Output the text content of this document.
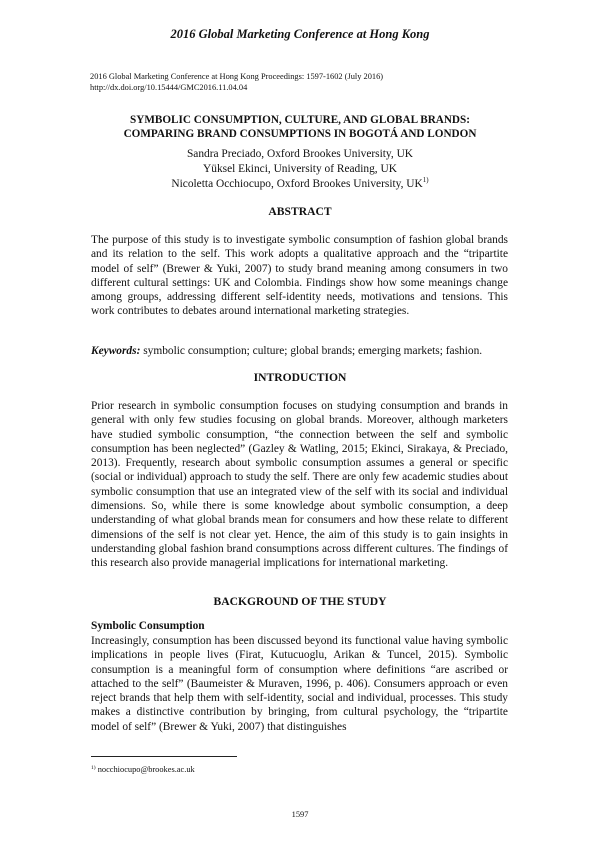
2016 Global Marketing Conference at Hong Kong
2016 Global Marketing Conference at Hong Kong Proceedings: 1597-1602 (July 2016)
http://dx.doi.org/10.15444/GMC2016.11.04.04
SYMBOLIC CONSUMPTION, CULTURE, AND GLOBAL BRANDS:
COMPARING BRAND CONSUMPTIONS IN BOGOTÁ AND LONDON
Sandra Preciado, Oxford Brookes University, UK
Yüksel Ekinci, University of Reading, UK
Nicoletta Occhiocupo, Oxford Brookes University, UK$^{1)}$
ABSTRACT

The purpose of this study is to investigate symbolic consumption of fashion global brands and its relation to the self. This work adopts a qualitative approach and the “tripartite model of self” (Brewer & Yuki, 2007) to study brand meaning among consumers in two different cultural settings: UK and Colombia. Findings show how some meanings change among groups, addressing different self-identity needs, motivations and tensions. This work contributes to debates around international marketing strategies.

Keywords: symbolic consumption; culture; global brands; emerging markets; fashion.

INTRODUCTION

Prior research in symbolic consumption focuses on studying consumption and brands in general with only few studies focusing on global brands. Moreover, although marketers have studied symbolic consumption, “the connection between the self and symbolic consumption has been neglected” (Gazley & Watling, 2015; Ekinci, Sirakaya, & Preciado, 2013). Frequently, research about symbolic consumption assumes a general or specific (social or individual) approach to study the self. There are only few academic studies about symbolic consumption that use an integrated view of the self with its social and individual dimensions. So, while there is some knowledge about symbolic consumption, a deep understanding of what global brands mean for consumers and how these relate to different dimensions of the self is not clear yet. Hence, the aim of this study is to gain insights in understanding global fashion brand consumptions across different cultures. The findings of this research also provide managerial implications for international marketing.

BACKGROUND OF THE STUDY
Symbolic Consumption

Increasingly, consumption has been discussed beyond its functional value having symbolic implications in people lives (Firat, Kutucuoglu, Arikan & Tuncel, 2015). Symbolic consumption is a meaningful form of consumption where definitions “are ascribed or attached to the self” (Baumeister & Muraven, 1996, p. 406). Consumers approach or even reject brands that help them with self-identity, social and individual, processes. This study makes a distinctive contribution by bringing, from cultural psychology, the “tripartite model of self” (Brewer & Yuki, 2007) that distinguishes

$^{1)}$ nocchiocupo@brookes.ac.uk
1597
